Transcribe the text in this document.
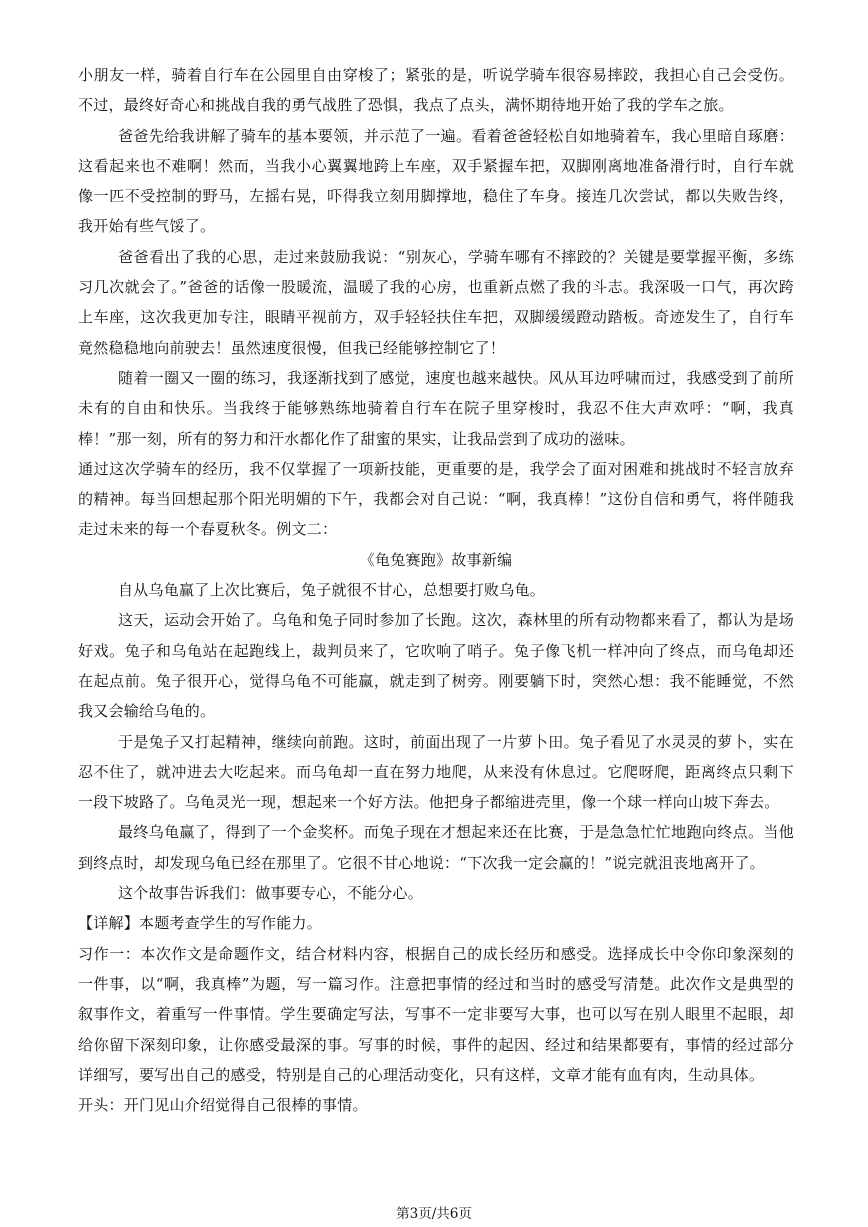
小朋友一样，骑着自行车在公园里自由穿梭了；紧张的是，听说学骑车很容易摔跤，我担心自己会受伤。不过，最终好奇心和挑战自我的勇气战胜了恐惧，我点了点头，满怀期待地开始了我的学车之旅。

爸爸先给我讲解了骑车的基本要领，并示范了一遍。看着爸爸轻松自如地骑着车，我心里暗自琢磨：这看起来也不难啊！然而，当我小心翼翼地跨上车座，双手紧握车把，双脚刚离地准备滑行时，自行车就像一匹不受控制的野马，左摇右晃，吓得我立刻用脚撑地，稳住了车身。接连几次尝试，都以失败告终，我开始有些气馁了。

爸爸看出了我的心思，走过来鼓励我说：“别灰心，学骑车哪有不摔跤的？关键是要掌握平衡，多练习几次就会了。”爸爸的话像一股暖流，温暖了我的心房，也重新点燃了我的斗志。我深吸一口气，再次跨上车座，这次我更加专注，眼睛平视前方，双手轻轻扶住车把，双脚缓缓蹬动踏板。奇迹发生了，自行车竟然稳稳地向前驶去！虽然速度很慢，但我已经能够控制它了！

随着一圈又一圈的练习，我逐渐找到了感觉，速度也越来越快。风从耳边呼啸而过，我感受到了前所未有的自由和快乐。当我终于能够熟练地骑着自行车在院子里穿梭时，我忍不住大声欢呼：“啊，我真棒！”那一刻，所有的努力和汗水都化作了甜蜜的果实，让我品尝到了成功的滋味。

通过这次学骑车的经历，我不仅掌握了一项新技能，更重要的是，我学会了面对困难和挑战时不轻言放弃的精神。每当回想起那个阳光明媚的下午，我都会对自己说：“啊，我真棒！”这份自信和勇气，将伴随我走过未来的每一个春夏秋冬。例文二：

《龟兔赛跑》故事新编

自从乌龟赢了上次比赛后，兔子就很不甘心，总想要打败乌龟。

这天，运动会开始了。乌龟和兔子同时参加了长跑。这次，森林里的所有动物都来看了，都认为是场好戏。兔子和乌龟站在起跑线上，裁判员来了，它吹响了哨子。兔子像飞机一样冲向了终点，而乌龟却还在起点前。兔子很开心，觉得乌龟不可能赢，就走到了树旁。刚要躺下时，突然心想：我不能睡觉，不然我又会输给乌龟的。

于是兔子又打起精神，继续向前跑。这时，前面出现了一片萝卜田。兔子看见了水灵灵的萝卜，实在忍不住了，就冲进去大吃起来。而乌龟却一直在努力地爬，从来没有休息过。它爬呀爬，距离终点只剩下一段下坡路了。乌龟灵光一现，想起来一个好方法。他把身子都缩进壳里，像一个球一样向山坡下奔去。

最终乌龟赢了，得到了一个金奖杯。而兔子现在才想起来还在比赛，于是急急忙忙地跑向终点。当他到终点时，却发现乌龟已经在那里了。它很不甘心地说：“下次我一定会赢的！”说完就沮丧地离开了。

这个故事告诉我们：做事要专心，不能分心。

【详解】本题考查学生的写作能力。

习作一：本次作文是命题作文，结合材料内容，根据自己的成长经历和感受。选择成长中令你印象深刻的一件事，以“啊，我真棒”为题，写一篇习作。注意把事情的经过和当时的感受写清楚。此次作文是典型的叙事作文，着重写一件事情。学生要确定写法，写事不一定非要写大事，也可以写在别人眼里不起眼，却给你留下深刻印象，让你感受最深的事。写事的时候，事件的起因、经过和结果都要有，事情的经过部分详细写，要写出自己的感受，特别是自己的心理活动变化，只有这样，文章才能有血有肉，生动具体。

开头：开门见山介绍觉得自己很棒的事情。

第3页/共6页
